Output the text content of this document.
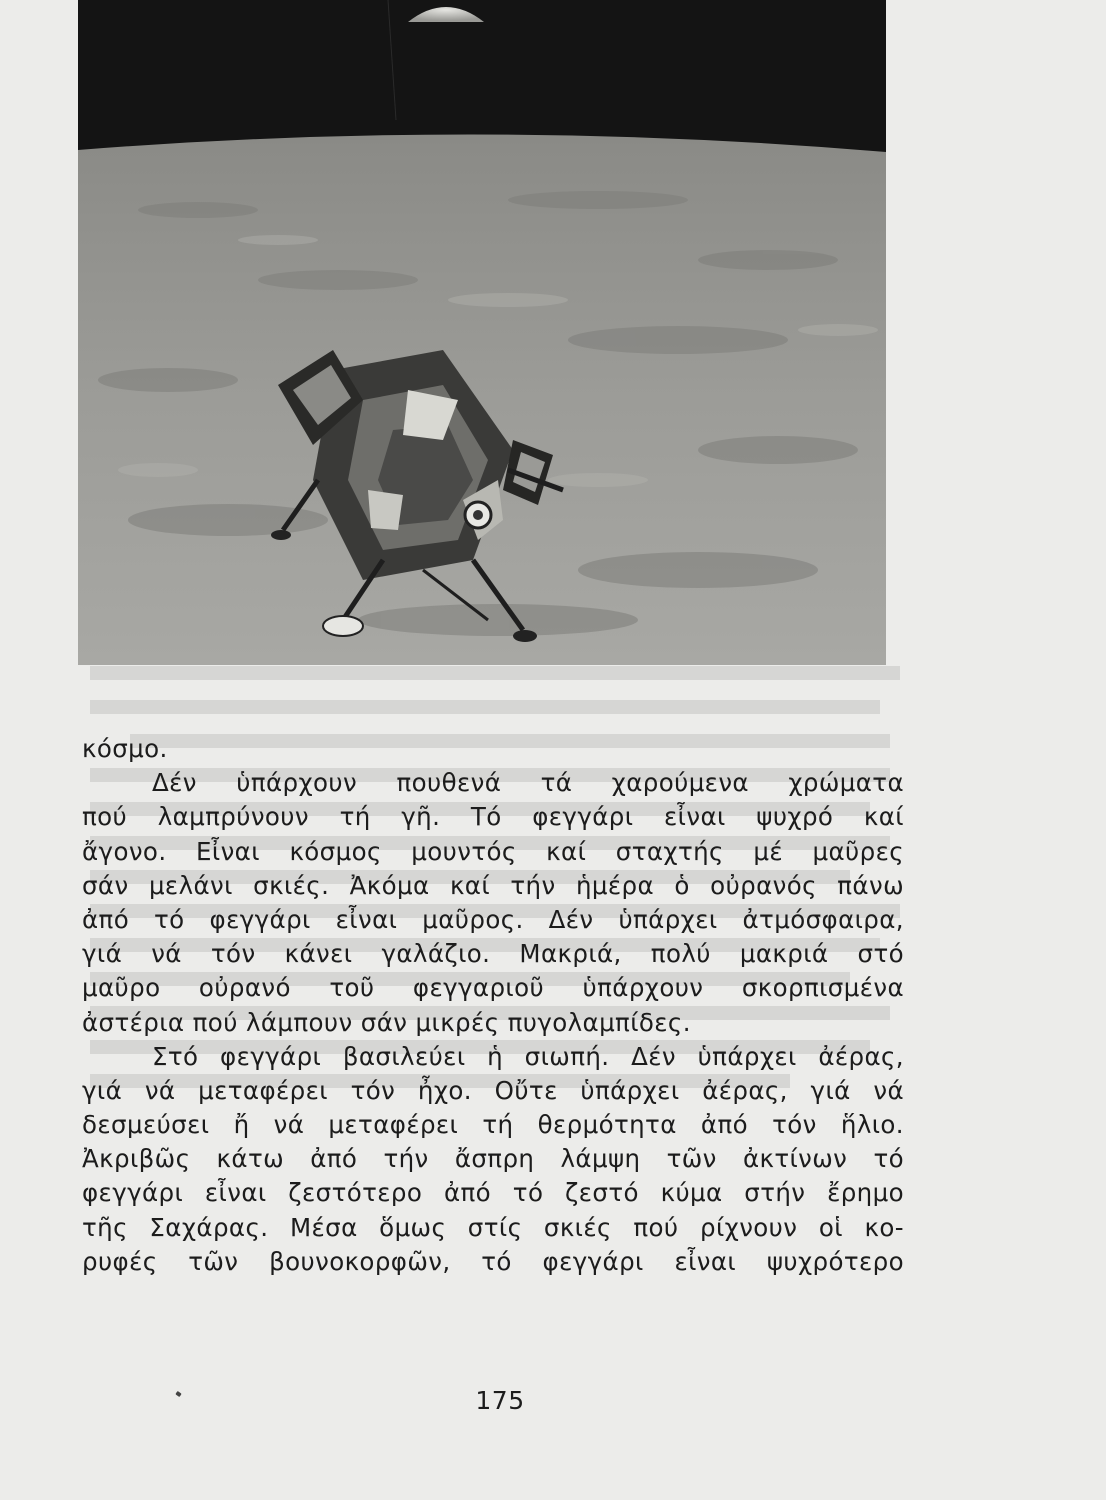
κόσμο.
Δέν ὑπάρχουν πουθενά τά χαρούμενα χρώματα
πού λαμπρύνουν τή γῆ. Τό φεγγάρι εἶναι ψυχρό καί
ἄγονο. Εἶναι κόσμος μουντός καί σταχτής μέ μαῦρες
σάν μελάνι σκιές. Ἀκόμα καί τήν ἡμέρα ὁ οὐρανός πάνω
ἀπό τό φεγγάρι εἶναι μαῦρος. Δέν ὑπάρχει ἀτμόσφαιρα,
γιά νά τόν κάνει γαλάζιο. Μακριά, πολύ μακριά στό
μαῦρο οὐρανό τοῦ φεγγαριοῦ ὑπάρχουν σκορπισμένα
ἀστέρια πού λάμπουν σάν μικρές πυγολαμπίδες.
Στό φεγγάρι βασιλεύει ἡ σιωπή. Δέν ὑπάρχει ἀέρας,
γιά νά μεταφέρει τόν ἦχο. Οὔτε ὑπάρχει ἀέρας, γιά νά
δεσμεύσει ἤ νά μεταφέρει τή θερμότητα ἀπό τόν ἥλιο.
Ἀκριβῶς κάτω ἀπό τήν ἄσπρη λάμψη τῶν ἀκτίνων τό
φεγγάρι εἶναι ζεστότερο ἀπό τό ζεστό κύμα στήν ἔρημο
τῆς Σαχάρας. Μέσα ὅμως στίς σκιές πού ρίχνουν οἱ κο-
ρυφές τῶν βουνοκορφῶν, τό φεγγάρι εἶναι ψυχρότερο
175
